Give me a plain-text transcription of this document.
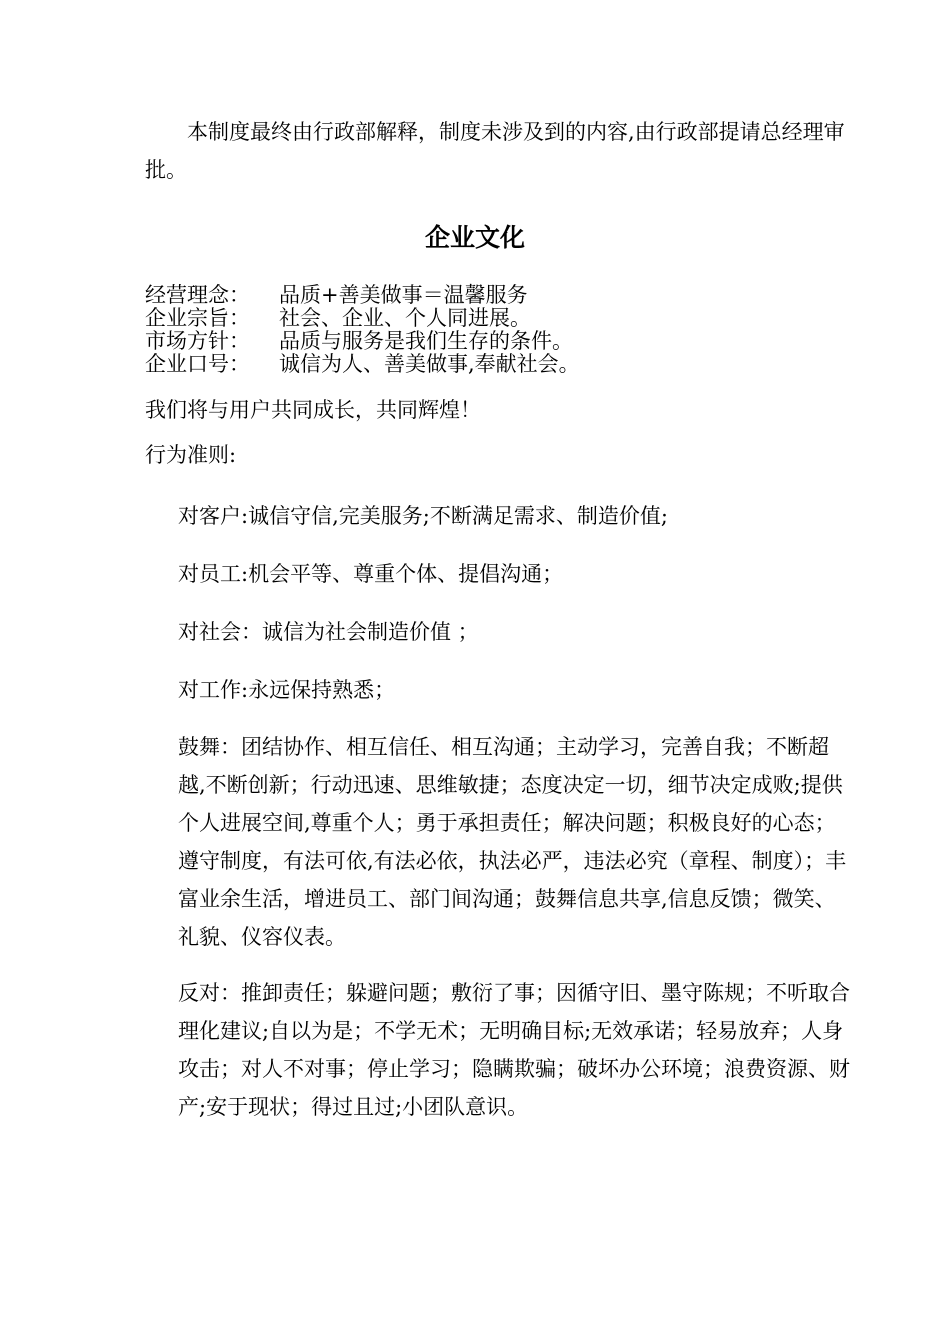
本制度最终由行政部解释，制度未涉及到的内容,由行政部提请总经理审批。

企业文化
经营理念：	品质+善美做事＝温馨服务
企业宗旨：	社会、企业、个人同进展。
市场方针：	品质与服务是我们生存的条件。
企业口号：	诚信为人、善美做事,奉献社会。
我们将与用户共同成长，共同辉煌！
行为准则:
对客户:诚信守信,完美服务;不断满足需求、制造价值;
对员工:机会平等、尊重个体、提倡沟通；
对社会：诚信为社会制造价值 ；
对工作:永远保持熟悉；
鼓舞：团结协作、相互信任、相互沟通；主动学习，完善自我；不断超越,不断创新；行动迅速、思维敏捷；态度决定一切，细节决定成败;提供个人进展空间,尊重个人；勇于承担责任；解决问题；积极良好的心态；遵守制度，有法可依,有法必依，执法必严，违法必究（章程、制度）；丰富业余生活，增进员工、部门间沟通；鼓舞信息共享,信息反馈；微笑、礼貌、仪容仪表。
反对：推卸责任；躲避问题；敷衍了事；因循守旧、墨守陈规；不听取合理化建议;自以为是；不学无术；无明确目标;无效承诺；轻易放弃；人身攻击；对人不对事；停止学习；隐瞒欺骗；破坏办公环境；浪费资源、财产;安于现状；得过且过;小团队意识。
